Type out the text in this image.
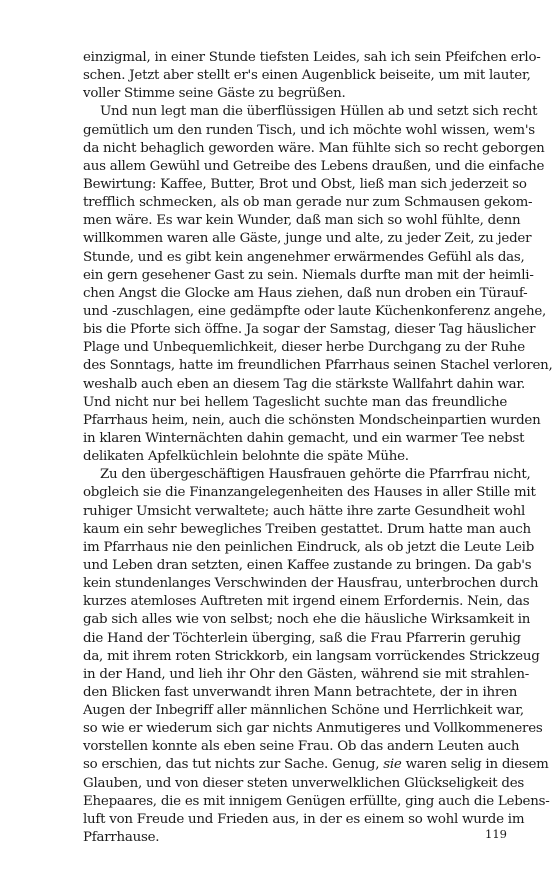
einzigmal, in einer Stunde tiefsten Leides, sah ich sein Pfeifchen erlo-
schen. Jetzt aber stellt er's einen Augenblick beiseite, um mit lauter,
voller Stimme seine Gäste zu begrüßen.
Und nun legt man die überflüssigen Hüllen ab und setzt sich recht
gemütlich um den runden Tisch, und ich möchte wohl wissen, wem's
da nicht behaglich geworden wäre. Man fühlte sich so recht geborgen
aus allem Gewühl und Getreibe des Lebens draußen, und die einfache
Bewirtung: Kaffee, Butter, Brot und Obst, ließ man sich jederzeit so
trefflich schmecken, als ob man gerade nur zum Schmausen gekom-
men wäre. Es war kein Wunder, daß man sich so wohl fühlte, denn
willkommen waren alle Gäste, junge und alte, zu jeder Zeit, zu jeder
Stunde, und es gibt kein angenehmer erwärmendes Gefühl als das,
ein gern gesehener Gast zu sein. Niemals durfte man mit der heimli-
chen Angst die Glocke am Haus ziehen, daß nun droben ein Türauf-
und -zuschlagen, eine gedämpfte oder laute Küchenkonferenz angehe,
bis die Pforte sich öffne. Ja sogar der Samstag, dieser Tag häuslicher
Plage und Unbequemlichkeit, dieser herbe Durchgang zu der Ruhe
des Sonntags, hatte im freundlichen Pfarrhaus seinen Stachel verloren,
weshalb auch eben an diesem Tag die stärkste Wallfahrt dahin war.
Und nicht nur bei hellem Tageslicht suchte man das freundliche
Pfarrhaus heim, nein, auch die schönsten Mondscheinpartien wurden
in klaren Winternächten dahin gemacht, und ein warmer Tee nebst
delikaten Apfelküchlein belohnte die späte Mühe.
Zu den übergeschäftigen Hausfrauen gehörte die Pfarrfrau nicht,
obgleich sie die Finanzangelegenheiten des Hauses in aller Stille mit
ruhiger Umsicht verwaltete; auch hätte ihre zarte Gesundheit wohl
kaum ein sehr bewegliches Treiben gestattet. Drum hatte man auch
im Pfarrhaus nie den peinlichen Eindruck, als ob jetzt die Leute Leib
und Leben dran setzten, einen Kaffee zustande zu bringen. Da gab's
kein stundenlanges Verschwinden der Hausfrau, unterbrochen durch
kurzes atemloses Auftreten mit irgend einem Erfordernis. Nein, das
gab sich alles wie von selbst; noch ehe die häusliche Wirksamkeit in
die Hand der Töchterlein überging, saß die Frau Pfarrerin geruhig
da, mit ihrem roten Strickkorb, ein langsam vorrückendes Strickzeug
in der Hand, und lieh ihr Ohr den Gästen, während sie mit strahlen-
den Blicken fast unverwandt ihren Mann betrachtete, der in ihren
Augen der Inbegriff aller männlichen Schöne und Herrlichkeit war,
so wie er wiederum sich gar nichts Anmutigeres und Vollkommeneres
vorstellen konnte als eben seine Frau. Ob das andern Leuten auch
so erschien, das tut nichts zur Sache. Genug, sie waren selig in diesem
Glauben, und von dieser steten unverwelklichen Glückseligkeit des
Ehepaares, die es mit innigem Genügen erfüllte, ging auch die Lebens-
luft von Freude und Frieden aus, in der es einem so wohl wurde im
Pfarrhause.	119
